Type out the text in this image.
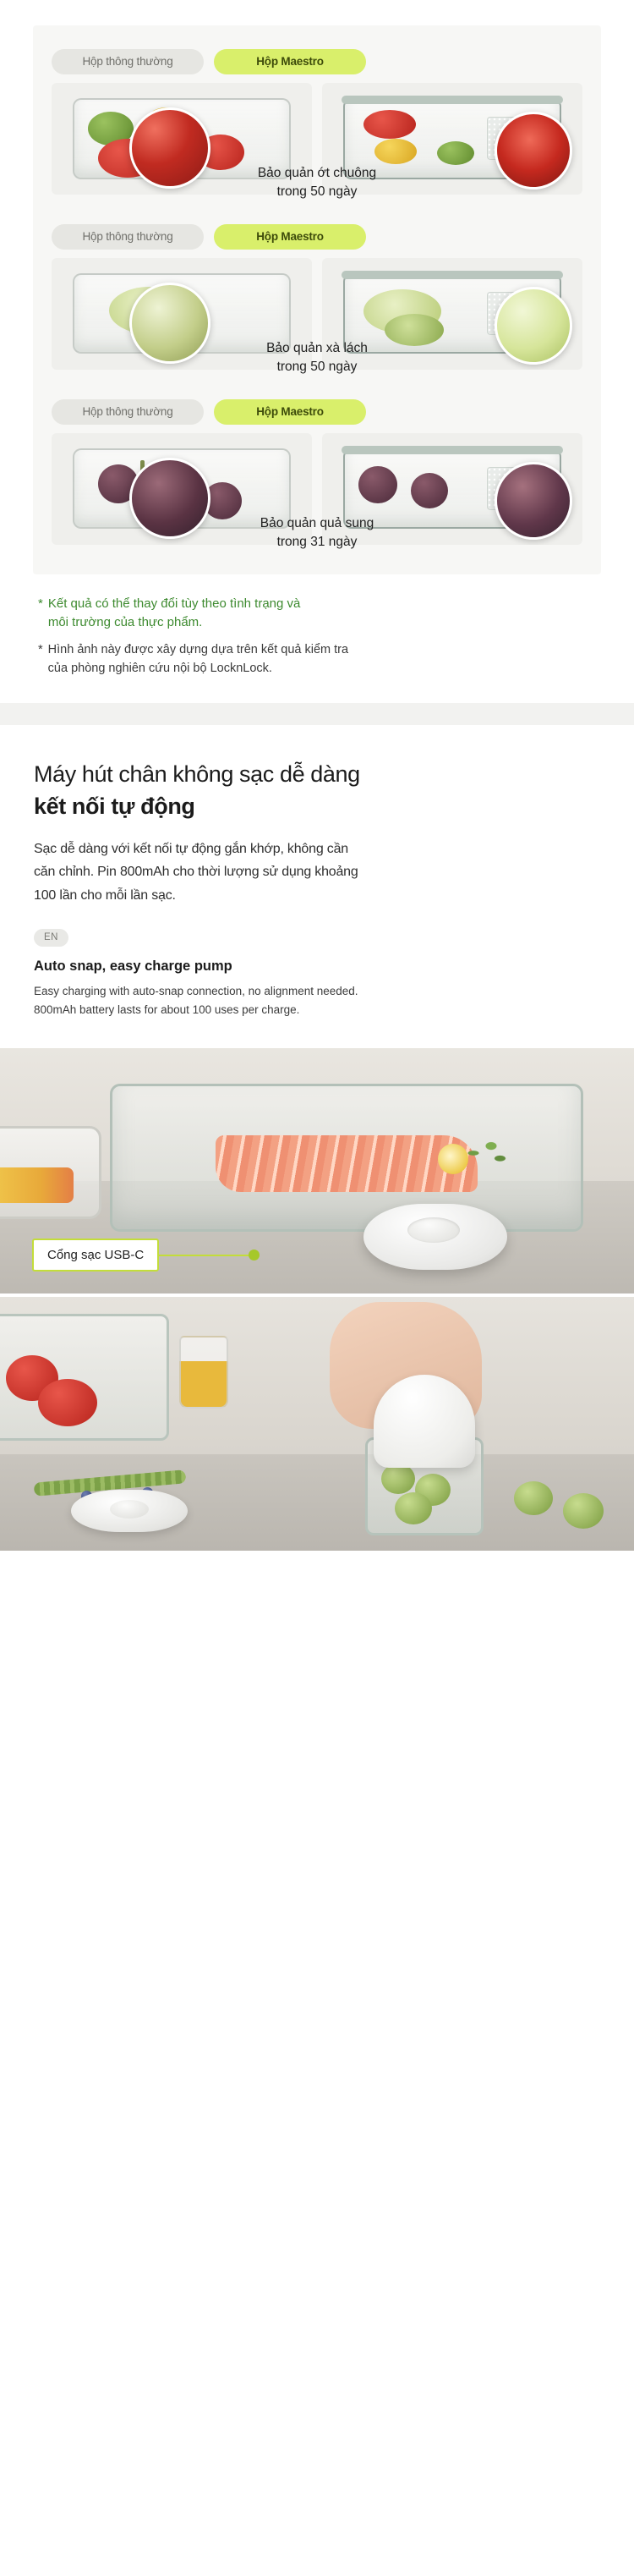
Hộp thông thường	Hộp Maestro
Bảo quản ớt chuông
trong 50 ngày
Hộp thông thường	Hộp Maestro
Bảo quản xà lách
trong 50 ngày
Hộp thông thường	Hộp Maestro
Bảo quản quả sung
trong 31 ngày
* Kết quả có thể thay đổi tùy theo tình trạng và
môi trường của thực phẩm.
* Hình ảnh này được xây dựng dựa trên kết quả kiểm tra
của phòng nghiên cứu nội bộ LocknLock.
Máy hút chân không sạc dễ dàng
kết nối tự động

Sạc dễ dàng với kết nối tự động gắn khớp, không cần
căn chỉnh. Pin 800mAh cho thời lượng sử dụng khoảng
100 lần cho mỗi lần sạc.

EN
Auto snap, easy charge pump

Easy charging with auto-snap connection, no alignment needed.
800mAh battery lasts for about 100 uses per charge.

Cổng sạc USB-C
